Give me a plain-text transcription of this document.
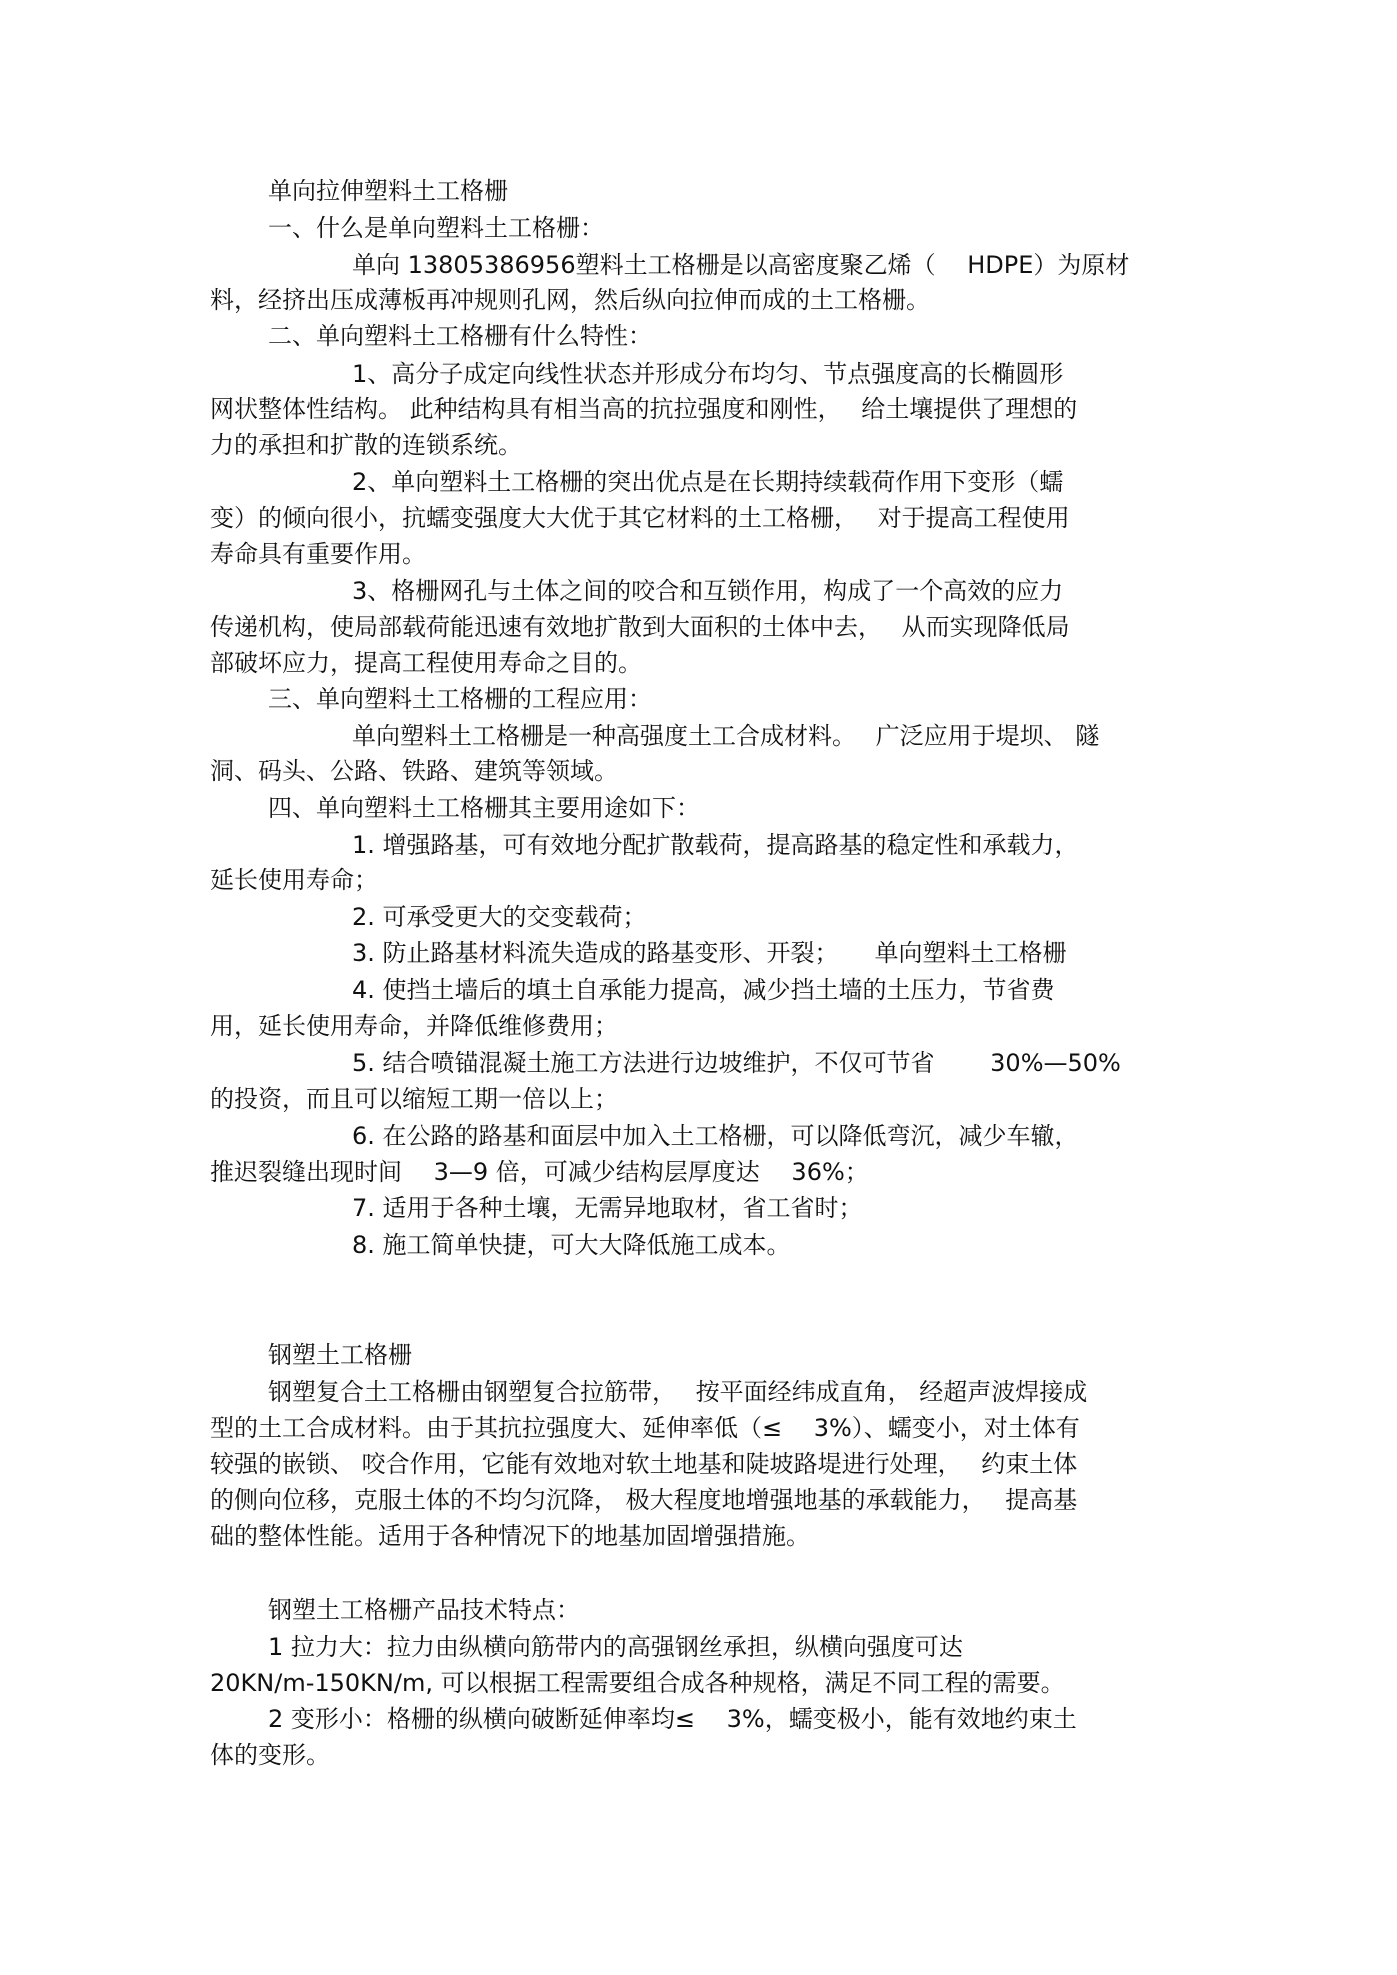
单向拉伸塑料土工格栅
一、什么是单向塑料土工格栅：
单向 13805386956塑料土工格栅是以高密度聚乙烯（　 HDPE）为原材
料，经挤出压成薄板再冲规则孔网，然后纵向拉伸而成的土工格栅。
二、单向塑料土工格栅有什么特性：
1、高分子成定向线性状态并形成分布均匀、节点强度高的长椭圆形
网状整体性结构。 此种结构具有相当高的抗拉强度和刚性，　 给土壤提供了理想的
力的承担和扩散的连锁系统。
2、单向塑料土工格栅的突出优点是在长期持续载荷作用下变形（蠕
变）的倾向很小，抗蠕变强度大大优于其它材料的土工格栅，　 对于提高工程使用
寿命具有重要作用。
3、格栅网孔与土体之间的咬合和互锁作用，构成了一个高效的应力
传递机构，使局部载荷能迅速有效地扩散到大面积的土体中去，　 从而实现降低局
部破坏应力，提高工程使用寿命之目的。
三、单向塑料土工格栅的工程应用：
单向塑料土工格栅是一种高强度土工合成材料。　 广泛应用于堤坝、 隧
洞、码头、公路、铁路、建筑等领域。
四、单向塑料土工格栅其主要用途如下：
1. 增强路基，可有效地分配扩散载荷，提高路基的稳定性和承载力，
延长使用寿命；
2. 可承受更大的交变载荷；
3. 防止路基材料流失造成的路基变形、开裂；　　单向塑料土工格栅
4. 使挡土墙后的填土自承能力提高，减少挡土墙的土压力，节省费
用，延长使用寿命，并降低维修费用；
5. 结合喷锚混凝土施工方法进行边坡维护，不仅可节省　　 30%—50%
的投资，而且可以缩短工期一倍以上；
6. 在公路的路基和面层中加入土工格栅，可以降低弯沉，减少车辙，
推迟裂缝出现时间　 3—9 倍，可减少结构层厚度达　 36%；
7. 适用于各种土壤，无需异地取材，省工省时；
8. 施工简单快捷，可大大降低施工成本。
钢塑土工格栅
钢塑复合土工格栅由钢塑复合拉筋带，　 按平面经纬成直角， 经超声波焊接成
型的土工合成材料。由于其抗拉强度大、延伸率低（≤　 3%）、蠕变小，对土体有
较强的嵌锁、 咬合作用，它能有效地对软土地基和陡坡路堤进行处理，　 约束土体
的侧向位移，克服土体的不均匀沉降， 极大程度地增强地基的承载能力，　 提高基
础的整体性能。适用于各种情况下的地基加固增强措施。
钢塑土工格栅产品技术特点：
1 拉力大：拉力由纵横向筋带内的高强钢丝承担，纵横向强度可达
20KN/m-150KN/m, 可以根据工程需要组合成各种规格，满足不同工程的需要。
2 变形小：格栅的纵横向破断延伸率均≤　 3%，蠕变极小，能有效地约束土
体的变形。
